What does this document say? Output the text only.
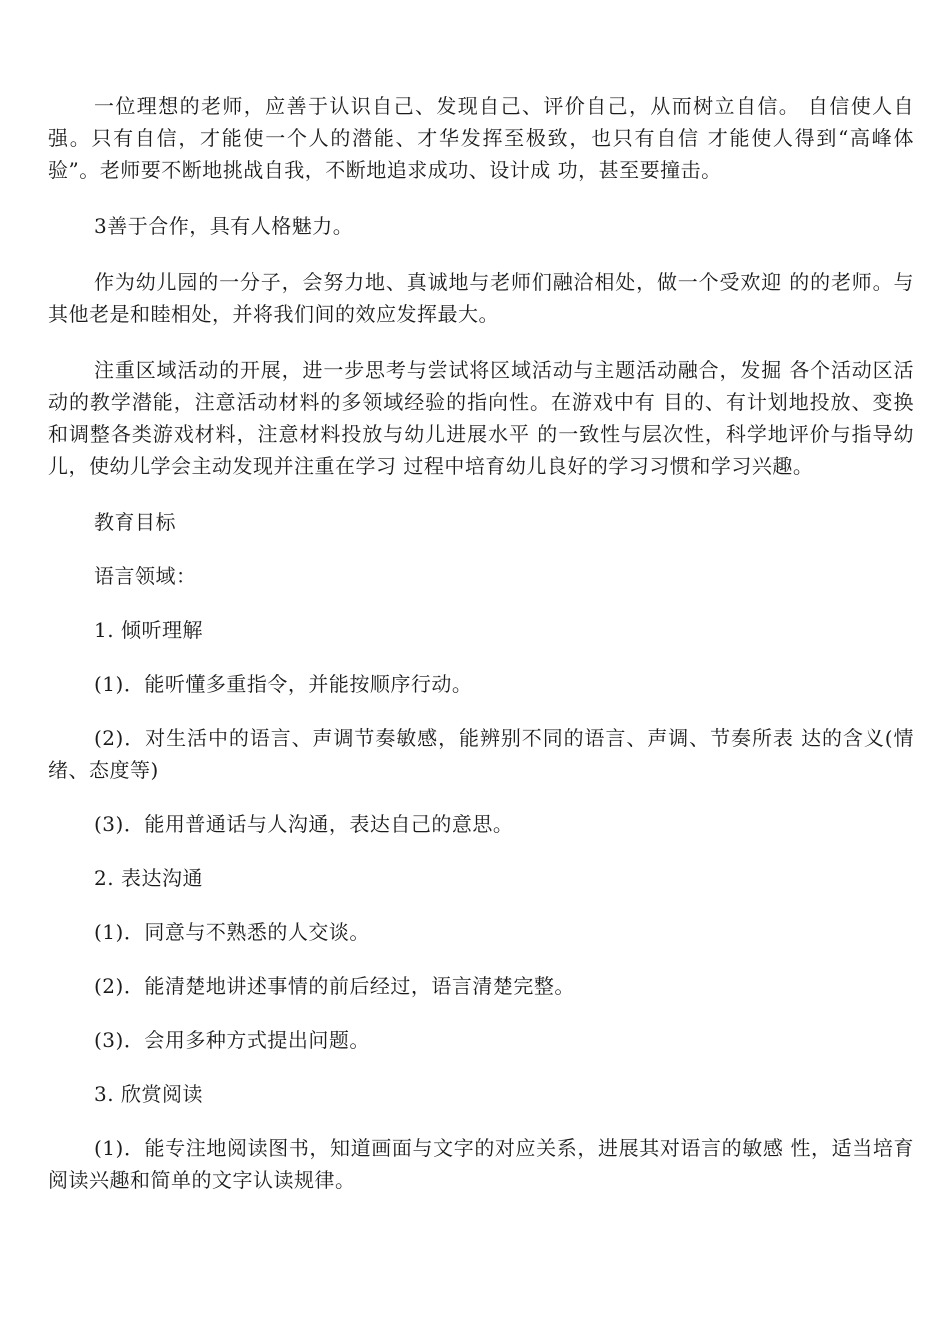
一位理想的老师，应善于认识自己、发现自己、评价自己，从而树立自信。 自信使人自强。只有自信，才能使一个人的潜能、才华发挥至极致，也只有自信 才能使人得到“高峰体验”。老师要不断地挑战自我，不断地追求成功、设计成 功，甚至要撞击。

3善于合作，具有人格魅力。

作为幼儿园的一分子，会努力地、真诚地与老师们融洽相处，做一个受欢迎 的的老师。与其他老是和睦相处，并将我们间的效应发挥最大。

注重区域活动的开展，进一步思考与尝试将区域活动与主题活动融合，发掘 各个活动区活动的教学潜能，注意活动材料的多领域经验的指向性。在游戏中有 目的、有计划地投放、变换和调整各类游戏材料，注意材料投放与幼儿进展水平 的一致性与层次性，科学地评价与指导幼儿，使幼儿学会主动发现并注重在学习 过程中培育幼儿良好的学习习惯和学习兴趣。

教育目标

语言领域：

1. 倾听理解

(1)．能听懂多重指令，并能按顺序行动。

(2)．对生活中的语言、声调节奏敏感，能辨别不同的语言、声调、节奏所表 达的含义(情绪、态度等)

(3)．能用普通话与人沟通，表达自己的意思。

2. 表达沟通

(1)．同意与不熟悉的人交谈。

(2)．能清楚地讲述事情的前后经过，语言清楚完整。

(3)．会用多种方式提出问题。

3. 欣赏阅读

(1)．能专注地阅读图书，知道画面与文字的对应关系，进展其对语言的敏感 性，适当培育阅读兴趣和简单的文字认读规律。
